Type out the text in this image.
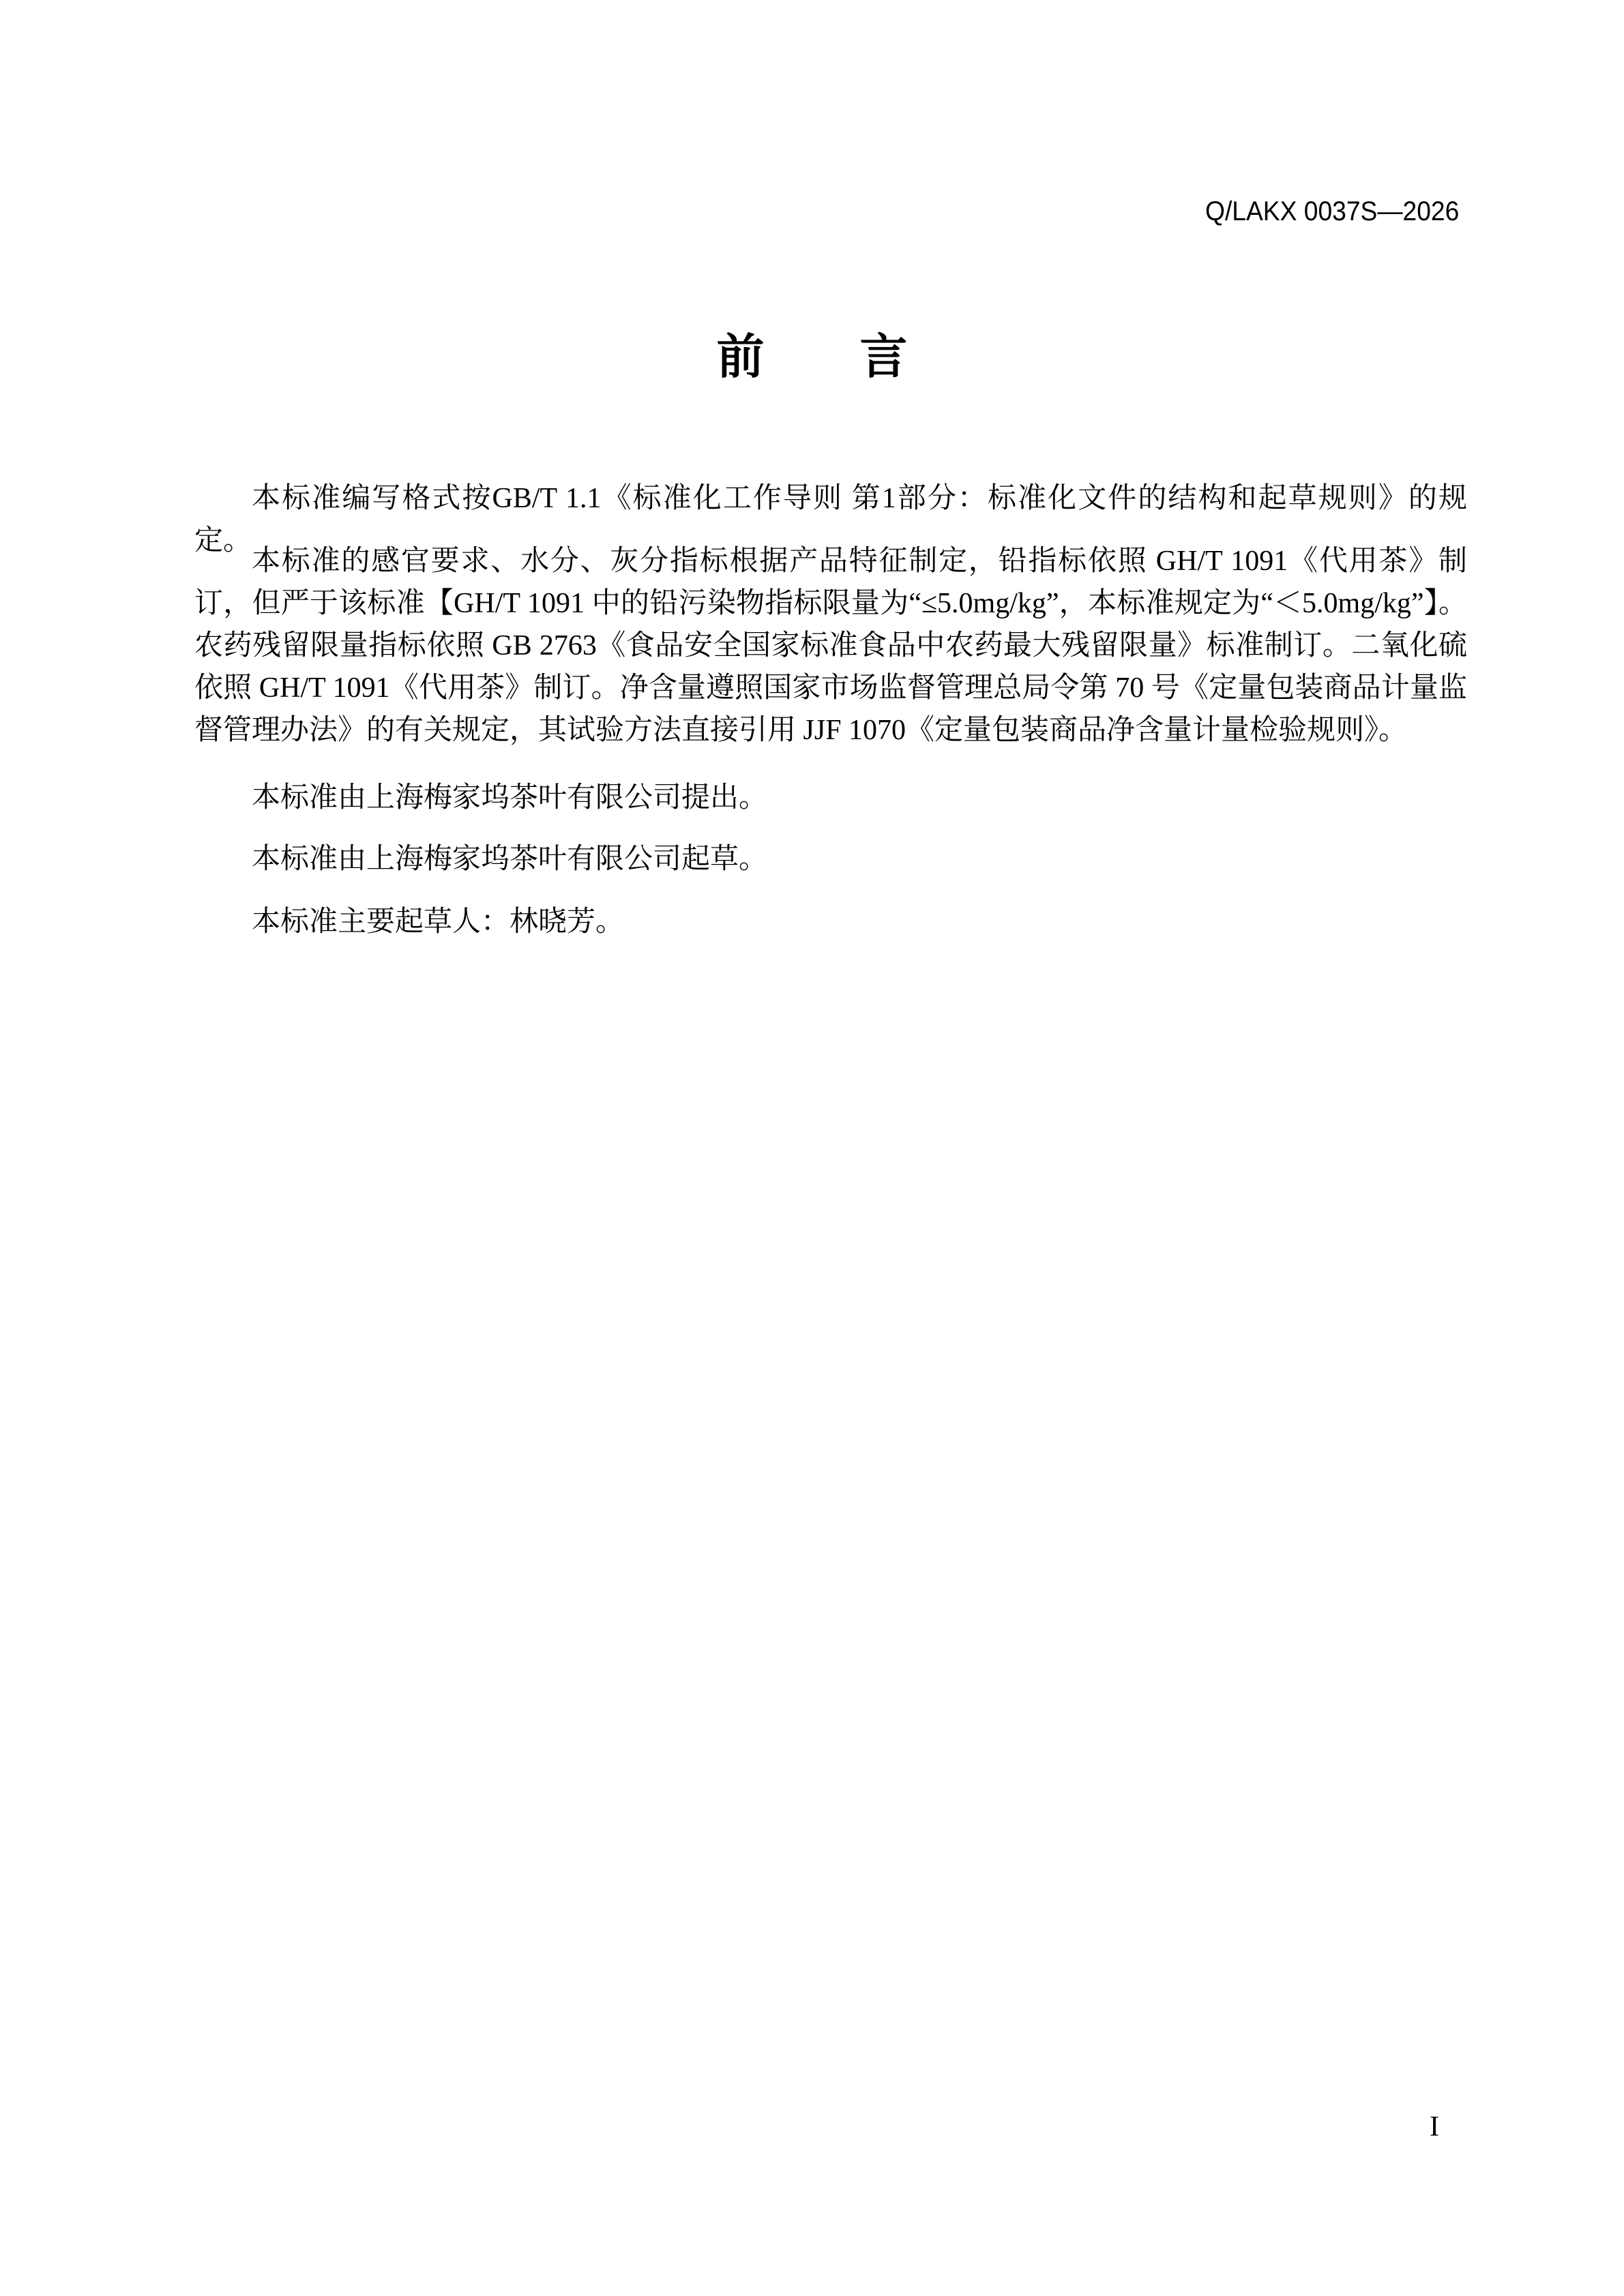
Q/LAKX 0037S—2026
前　　言

本标准编写格式按GB/T 1.1《标准化工作导则 第1部分：标准化文件的结构和起草规则》的规定。

本标准的感官要求、水分、灰分指标根据产品特征制定，铅指标依照 GH/T 1091《代用茶》制订，但严于该标准【GH/T 1091 中的铅污染物指标限量为“≤5.0mg/kg”，本标准规定为“＜5.0mg/kg”】。农药残留限量指标依照 GB 2763《食品安全国家标准食品中农药最大残留限量》标准制订。二氧化硫依照 GH/T 1091《代用茶》制订。净含量遵照国家市场监督管理总局令第 70 号《定量包装商品计量监督管理办法》的有关规定，其试验方法直接引用 JJF 1070《定量包装商品净含量计量检验规则》。

本标准由上海梅家坞茶叶有限公司提出。

本标准由上海梅家坞茶叶有限公司起草。

本标准主要起草人：林晓芳。

I
